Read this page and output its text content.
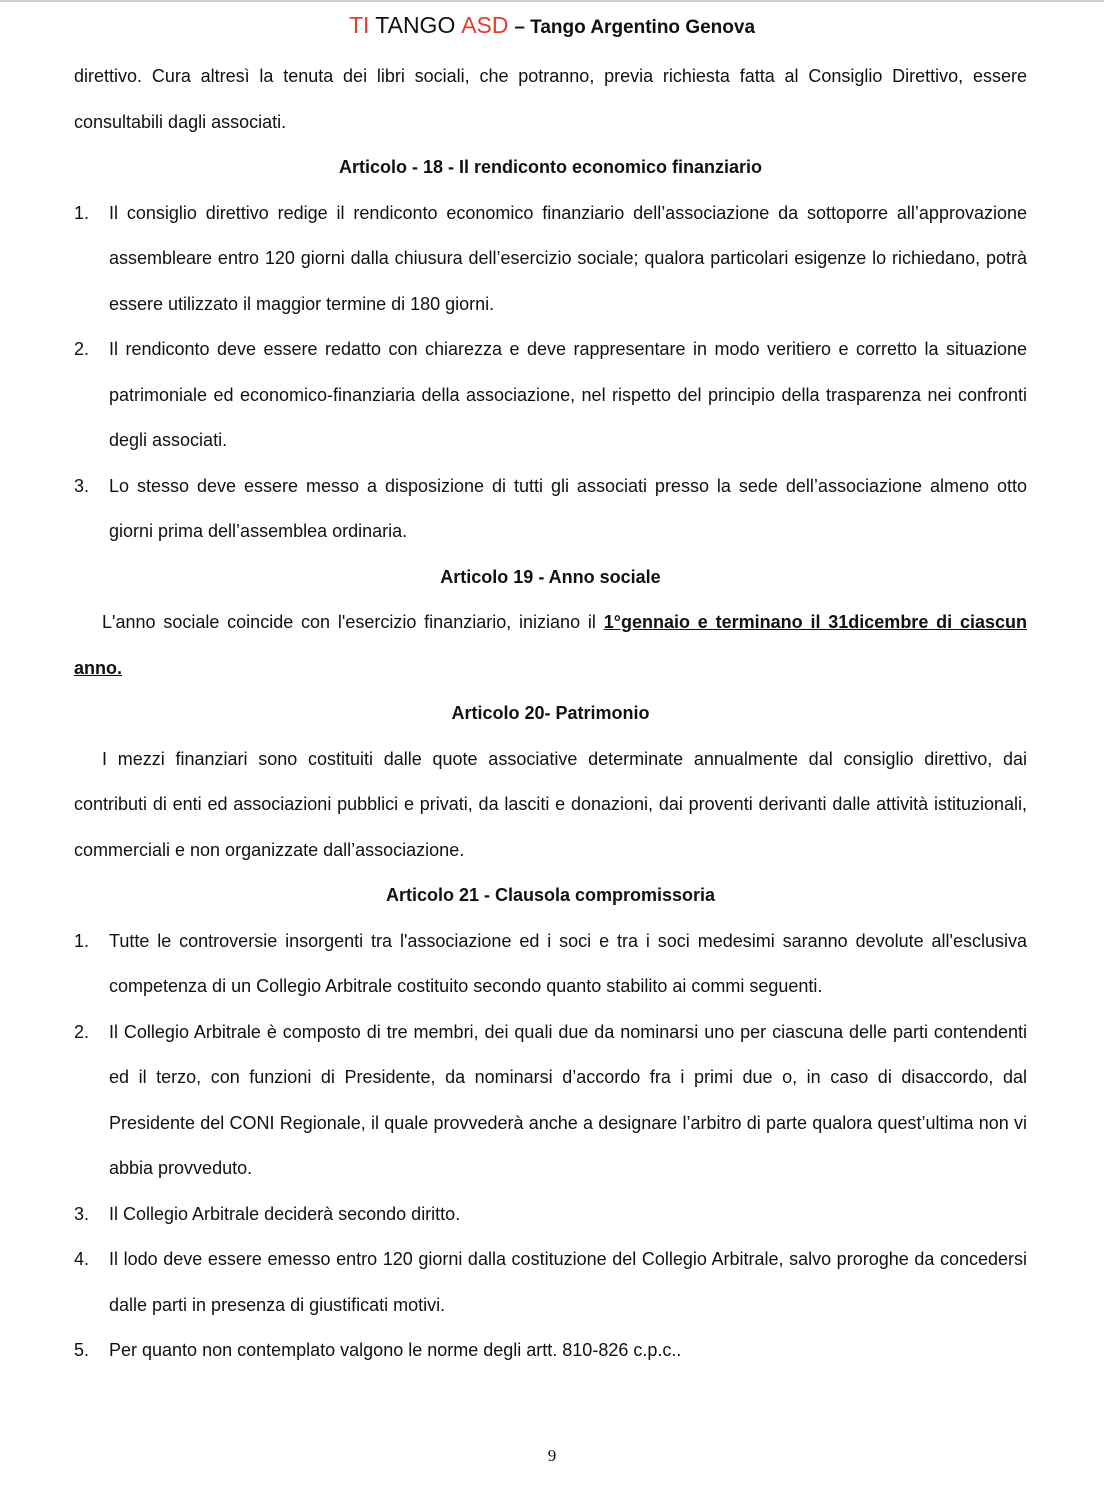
TI TANGO ASD – Tango Argentino Genova

direttivo. Cura altresì la tenuta dei libri sociali, che potranno, previa richiesta fatta al Consiglio Direttivo, essere consultabili dagli associati.

Articolo - 18 - Il rendiconto economico finanziario

1. Il consiglio direttivo redige il rendiconto economico finanziario dell’associazione da sottoporre all’approvazione assembleare entro 120 giorni dalla chiusura dell’esercizio sociale; qualora particolari esigenze lo richiedano, potrà essere utilizzato il maggior termine di 180 giorni.
2. Il rendiconto deve essere redatto con chiarezza e deve rappresentare in modo veritiero e corretto la situazione patrimoniale ed economico-finanziaria della associazione, nel rispetto del principio della trasparenza nei confronti degli associati.
3. Lo stesso deve essere messo a disposizione di tutti gli associati presso la sede dell’associazione almeno otto giorni prima dell’assemblea ordinaria.

Articolo 19 - Anno sociale

L'anno sociale coincide con l'esercizio finanziario, iniziano il 1°gennaio e terminano il 31dicembre di ciascun anno.

Articolo 20- Patrimonio

I mezzi finanziari sono costituiti dalle quote associative determinate annualmente dal consiglio direttivo, dai contributi di enti ed associazioni pubblici e privati, da lasciti e donazioni, dai proventi derivanti dalle attività istituzionali, commerciali e non organizzate dall’associazione.

Articolo 21 - Clausola compromissoria

1. Tutte le controversie insorgenti tra l'associazione ed i soci e tra i soci medesimi saranno devolute all'esclusiva competenza di un Collegio Arbitrale costituito secondo quanto stabilito ai commi seguenti.
2. Il Collegio Arbitrale è composto di tre membri, dei quali due da nominarsi uno per ciascuna delle parti contendenti ed il terzo, con funzioni di Presidente, da nominarsi d’accordo fra i primi due o, in caso di disaccordo, dal Presidente del CONI Regionale, il quale provvederà anche a designare l’arbitro di parte qualora quest’ultima non vi abbia provveduto.
3. Il Collegio Arbitrale deciderà secondo diritto.
4. Il lodo deve essere emesso entro 120 giorni dalla costituzione del Collegio Arbitrale, salvo proroghe da concedersi dalle parti in presenza di giustificati motivi.
5. Per quanto non contemplato valgono le norme degli artt. 810-826 c.p.c..
9
